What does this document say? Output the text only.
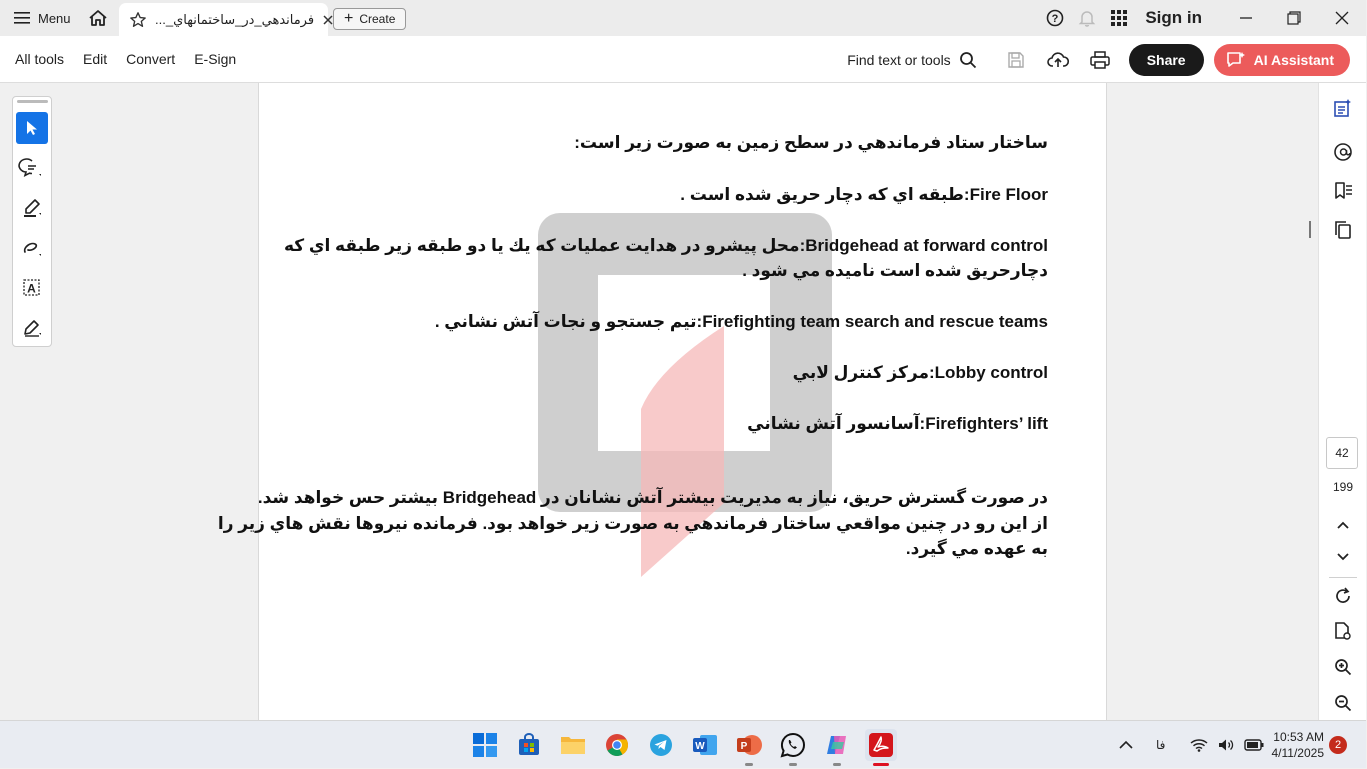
Menu	فرماندهي_در_ساختمانهاي_... + Create	?	Sign in
All tools Edit Convert E-Sign	Find text or tools	Share	AI Assistant
ساختار ستاد فرماندهي در سطح زمين به صورت زير است:
Fire Floor:طبقه اي كه دچار حريق شده است .
Bridgehead at forward control:محل پيشرو در هدايت عمليات كه يك يا دو طبقه زير طبقه اي كه
دچارحريق شده است ناميده مي شود .
Firefighting team search and rescue teams:تيم جستجو و نجات آتش نشاني .
Lobby control:مركز كنترل لابي
Firefighters’ lift:آسانسور آتش نشاني
در صورت گسترش حريق، نياز به مديريت بيشتر آتش نشانان در Bridgehead بيشتر حس خواهد شد.
از اين رو در چنين مواقعي ساختار فرماندهي به صورت زير خواهد بود. فرمانده نيروها نقش هاي زير را
به عهده مي گيرد.
A
42
199
W	P	فا
10:53 AM
4/11/2025
2
